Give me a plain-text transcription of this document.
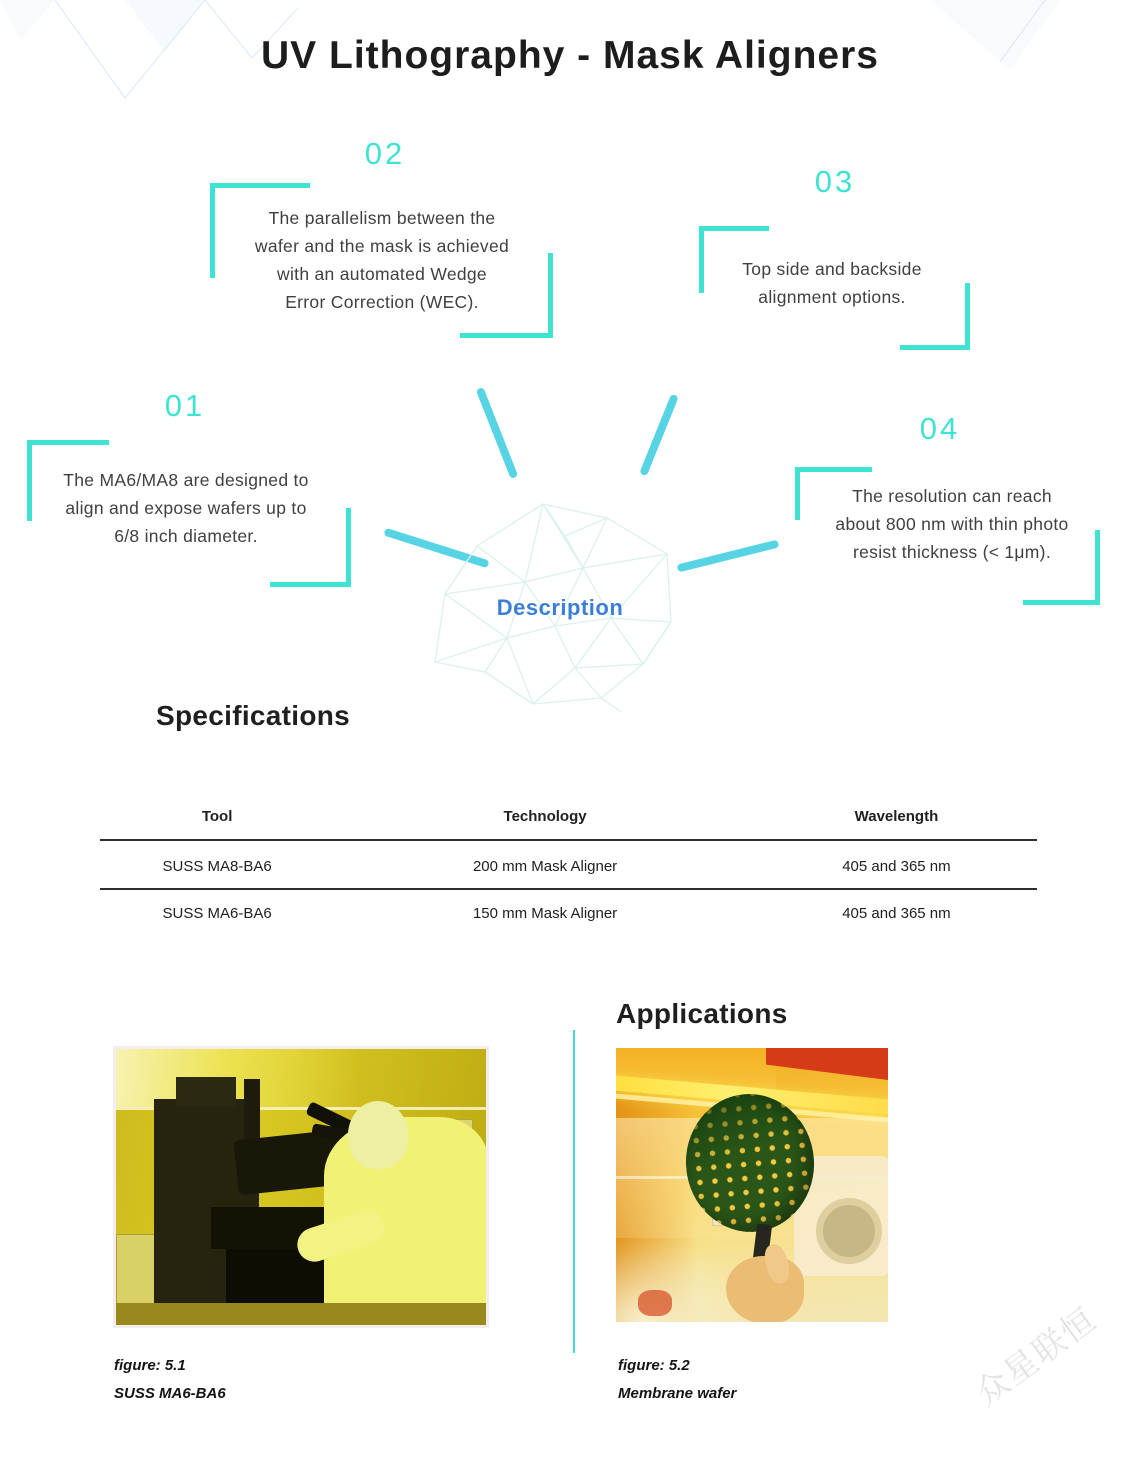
UV Lithography - Mask Aligners
02
The parallelism between the
wafer and the mask is achieved
with an automated Wedge
Error Correction (WEC).
03
Top side and backside
alignment options.
01
The MA6/MA8 are designed to
align and expose wafers up to
6/8 inch diameter.
04
The resolution can reach
about 800 nm with thin photo
resist thickness (< 1μm).
Description
Specifications
Tool	Technology	Wavelength
SUSS MA8-BA6	200 mm Mask Aligner	405 and 365 nm
SUSS MA6-BA6	150 mm Mask Aligner	405 and 365 nm
Applications
figure: 5.1
SUSS MA6-BA6
figure: 5.2
Membrane wafer	众星联恒
